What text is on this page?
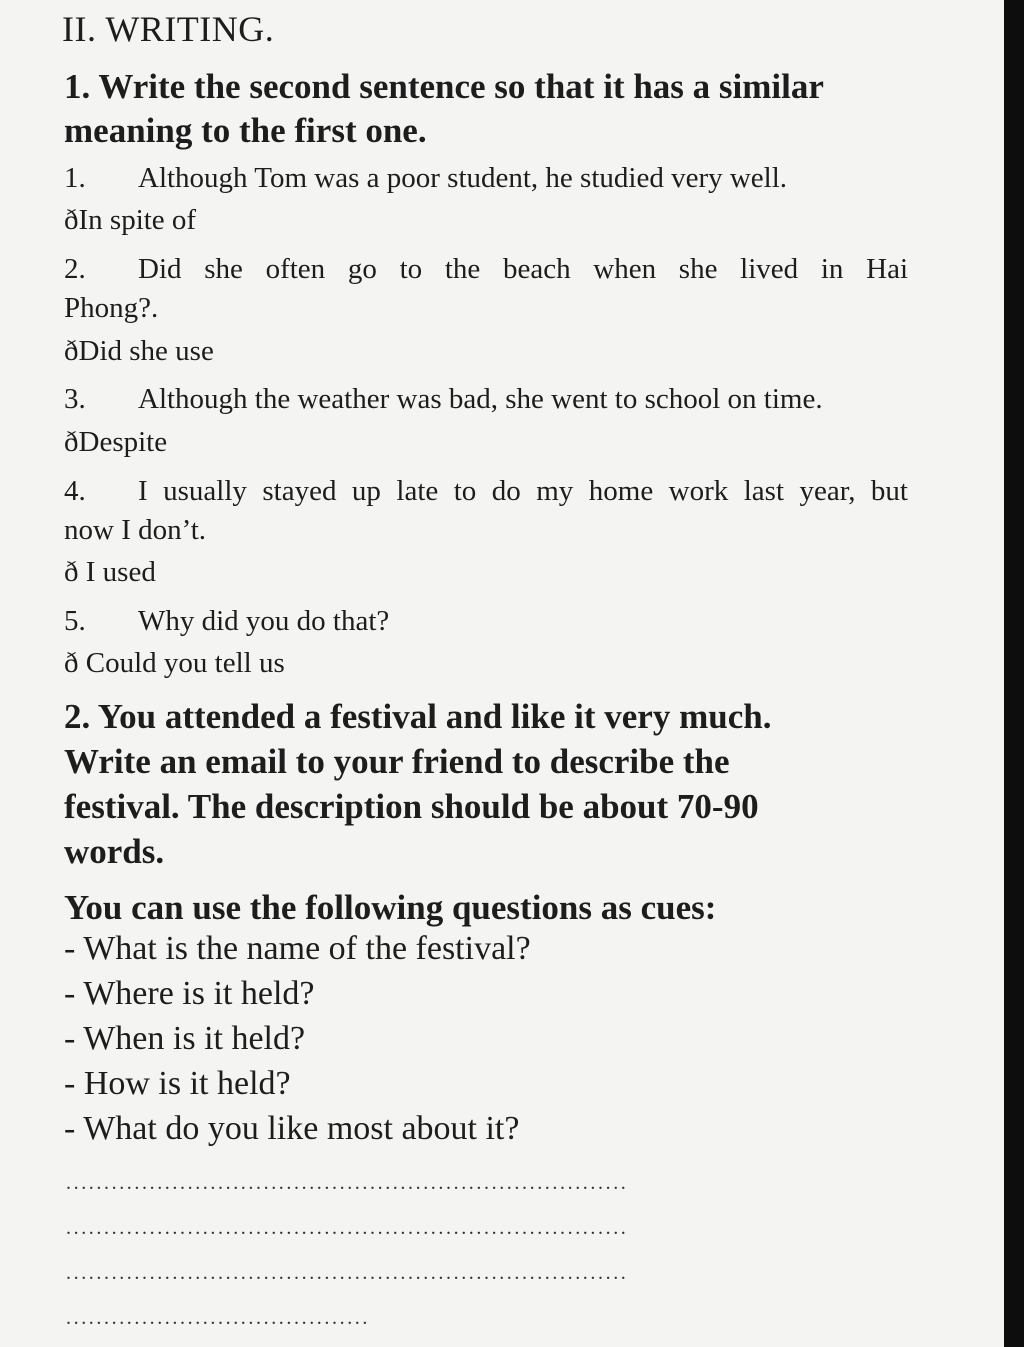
II. WRITING.
1. Write the second sentence so that it has a similar
meaning to the first one.
1. Although Tom was a poor student, he studied very well.
ðIn spite of
2. Did she often go to the beach when she lived in Hai
Phong?.
ðDid she use
3. Although the weather was bad, she went to school on time.
ðDespite
4. I usually stayed up late to do my home work last year, but
now I don’t.
ð I used
5. Why did you do that?
ð Could you tell us
2. You attended a festival and like it very much.
Write an email to your friend to describe the
festival. The description should be about 70-90
words.
You can use the following questions as cues:
- What is the name of the festival?
- Where is it held?
- When is it held?
- How is it held?
- What do you like most about it?
..........................................................................
..........................................................................
..........................................................................
........................................
